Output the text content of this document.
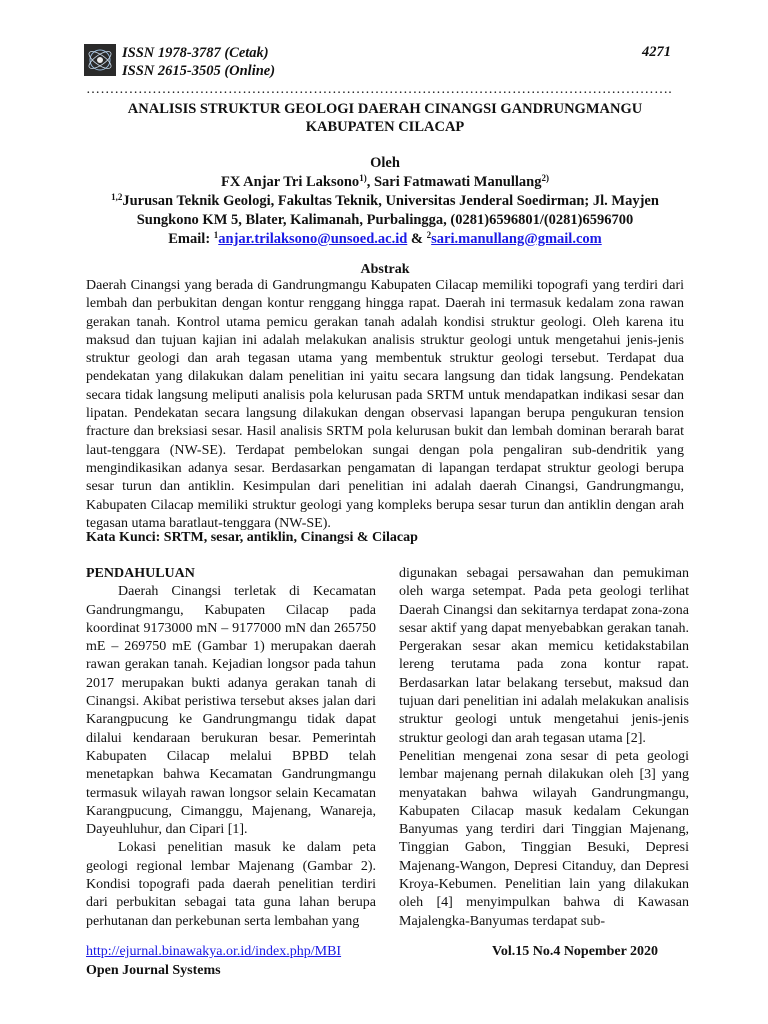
ISSN 1978-3787 (Cetak)
ISSN 2615-3505 (Online)
4271
…………………………………………………………………………………………………………….
ANALISIS STRUKTUR GEOLOGI DAERAH CINANGSI GANDRUNGMANGU
KABUPATEN CILACAP
Oleh
FX Anjar Tri Laksono$^{1)}$, Sari Fatmawati Manullang$^{2)}$
$^{1,2}$Jurusan Teknik Geologi, Fakultas Teknik, Universitas Jenderal Soedirman; Jl. Mayjen
Sungkono KM 5, Blater, Kalimanah, Purbalingga, (0281)6596801/(0281)6596700
Email: $^1$anjar.trilaksono@unsoed.ac.id & $^2$sari.manullang@gmail.com
Abstrak
Daerah Cinangsi yang berada di Gandrungmangu Kabupaten Cilacap memiliki topografi yang terdiri dari lembah dan perbukitan dengan kontur renggang hingga rapat. Daerah ini termasuk kedalam zona rawan gerakan tanah. Kontrol utama pemicu gerakan tanah adalah kondisi struktur geologi. Oleh karena itu maksud dan tujuan kajian ini adalah melakukan analisis struktur geologi untuk mengetahui jenis-jenis struktur geologi dan arah tegasan utama yang membentuk struktur geologi tersebut. Terdapat dua pendekatan yang dilakukan dalam penelitian ini yaitu secara langsung dan tidak langsung. Pendekatan secara tidak langsung meliputi analisis pola kelurusan pada SRTM untuk mendapatkan indikasi sesar dan lipatan. Pendekatan secara langsung dilakukan dengan observasi lapangan berupa pengukuran tension fracture dan breksiasi sesar. Hasil analisis SRTM pola kelurusan bukit dan lembah dominan berarah barat laut-tenggara (NW-SE). Terdapat pembelokan sungai dengan pola pengaliran sub-dendritik yang mengindikasikan adanya sesar. Berdasarkan pengamatan di lapangan terdapat struktur geologi berupa sesar turun dan antiklin. Kesimpulan dari penelitian ini adalah daerah Cinangsi, Gandrungmangu, Kabupaten Cilacap memiliki struktur geologi yang kompleks berupa sesar turun dan antiklin dengan arah tegasan utama baratlaut-tenggara (NW-SE).
Kata Kunci: SRTM, sesar, antiklin, Cinangsi & Cilacap

PENDAHULUAN

Daerah Cinangsi terletak di Kecamatan Gandrungmangu, Kabupaten Cilacap pada koordinat 9173000 mN – 9177000 mN dan 265750 mE – 269750 mE (Gambar 1) merupakan daerah rawan gerakan tanah. Kejadian longsor pada tahun 2017 merupakan bukti adanya gerakan tanah di Cinangsi. Akibat peristiwa tersebut akses jalan dari Karangpucung ke Gandrungmangu tidak dapat dilalui kendaraan berukuran besar. Pemerintah Kabupaten Cilacap melalui BPBD telah menetapkan bahwa Kecamatan Gandrungmangu termasuk wilayah rawan longsor selain Kecamatan Karangpucung, Cimanggu, Majenang, Wanareja, Dayeuhluhur, dan Cipari [1].

Lokasi penelitian masuk ke dalam peta geologi regional lembar Majenang (Gambar 2). Kondisi topografi pada daerah penelitian terdiri dari perbukitan sebagai tata guna lahan berupa perhutanan dan perkebunan serta lembahan yang

digunakan sebagai persawahan dan pemukiman oleh warga setempat. Pada peta geologi terlihat Daerah Cinangsi dan sekitarnya terdapat zona-zona sesar aktif yang dapat menyebabkan gerakan tanah. Pergerakan sesar akan memicu ketidakstabilan lereng terutama pada zona kontur rapat. Berdasarkan latar belakang tersebut, maksud dan tujuan dari penelitian ini adalah melakukan analisis struktur geologi untuk mengetahui jenis-jenis struktur geologi dan arah tegasan utama [2].

Penelitian mengenai zona sesar di peta geologi lembar majenang pernah dilakukan oleh [3] yang menyatakan bahwa wilayah Gandrungmangu, Kabupaten Cilacap masuk kedalam Cekungan Banyumas yang terdiri dari Tinggian Majenang, Tinggian Gabon, Tinggian Besuki, Depresi Majenang-Wangon, Depresi Citanduy, dan Depresi Kroya-Kebumen. Penelitian lain yang dilakukan oleh [4] menyimpulkan bahwa di Kawasan Majalengka-Banyumas terdapat sub-

http://ejurnal.binawakya.or.id/index.php/MBI	Vol.15 No.4 Nopember 2020
Open Journal Systems
